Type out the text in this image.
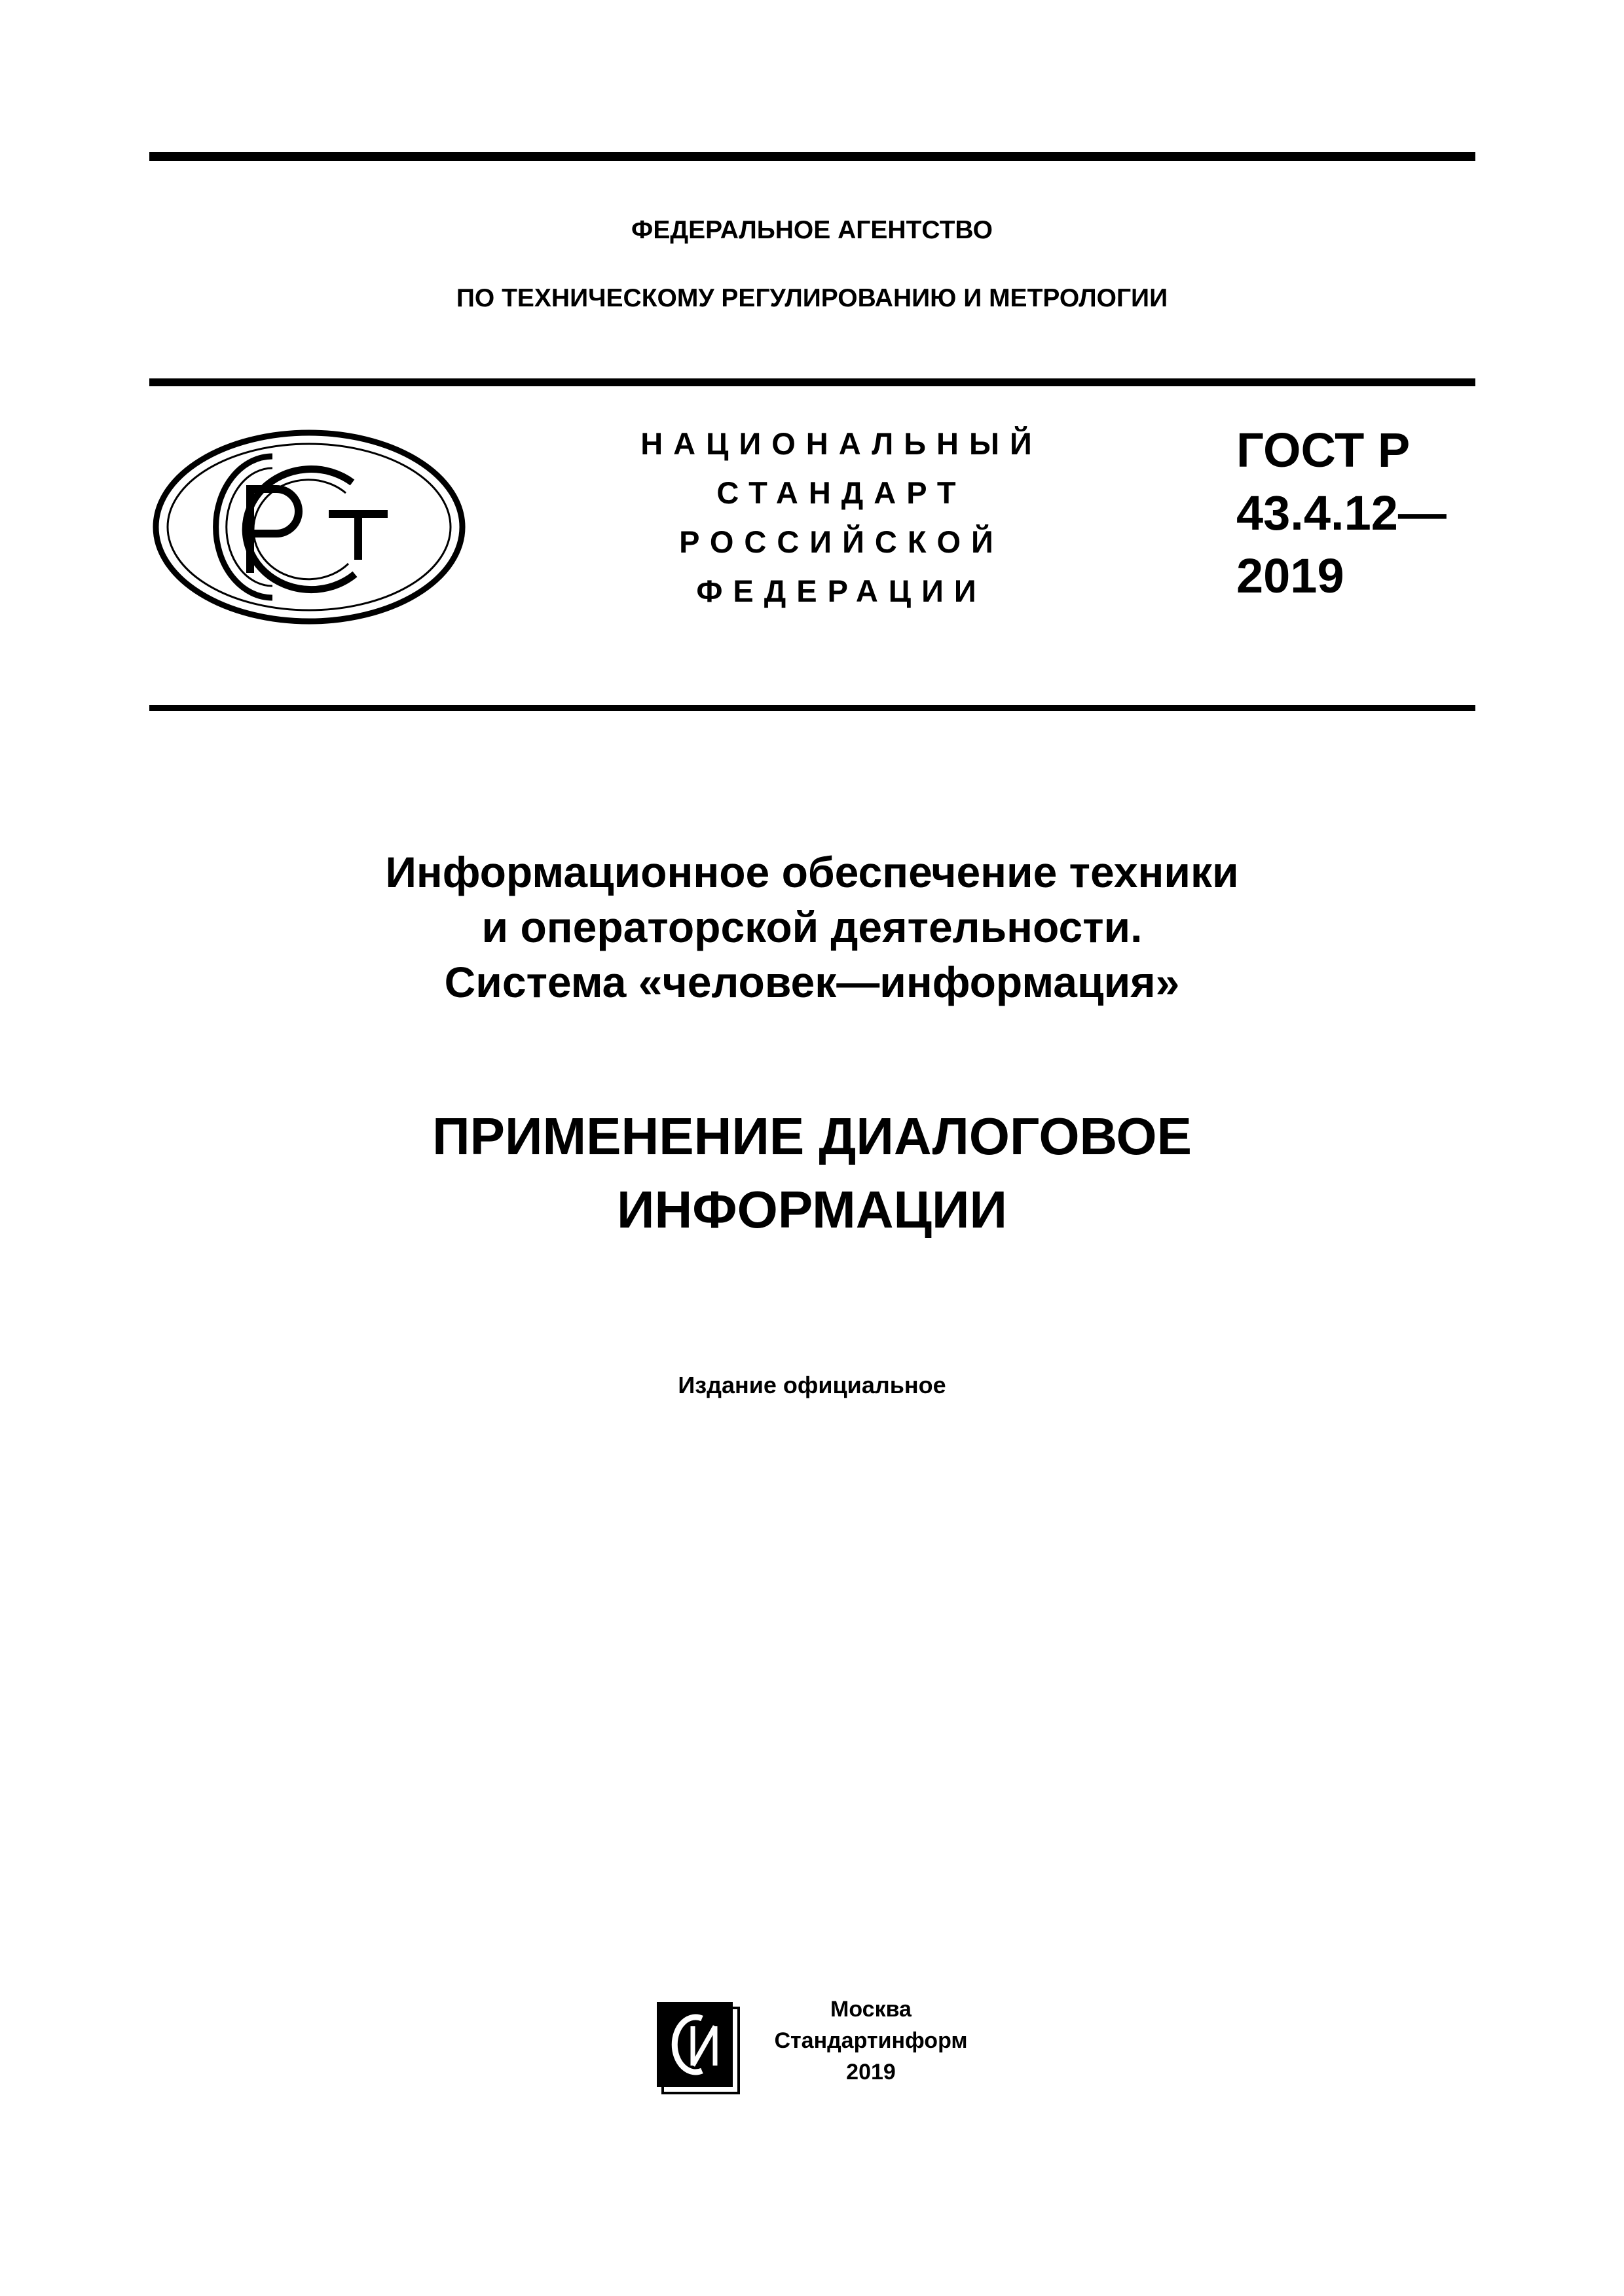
ФЕДЕРАЛЬНОЕ АГЕНТСТВО
ПО ТЕХНИЧЕСКОМУ РЕГУЛИРОВАНИЮ И МЕТРОЛОГИИ
НАЦИОНАЛЬНЫЙ
СТАНДАРТ
РОССИЙСКОЙ
ФЕДЕРАЦИИ
ГОСТ Р
43.4.12—
2019
Информационное обеспечение техники
и операторской деятельности.
Система «человек—информация»
ПРИМЕНЕНИЕ ДИАЛОГОВОЕ
ИНФОРМАЦИИ
Издание официальное
Москва
Стандартинформ
2019
